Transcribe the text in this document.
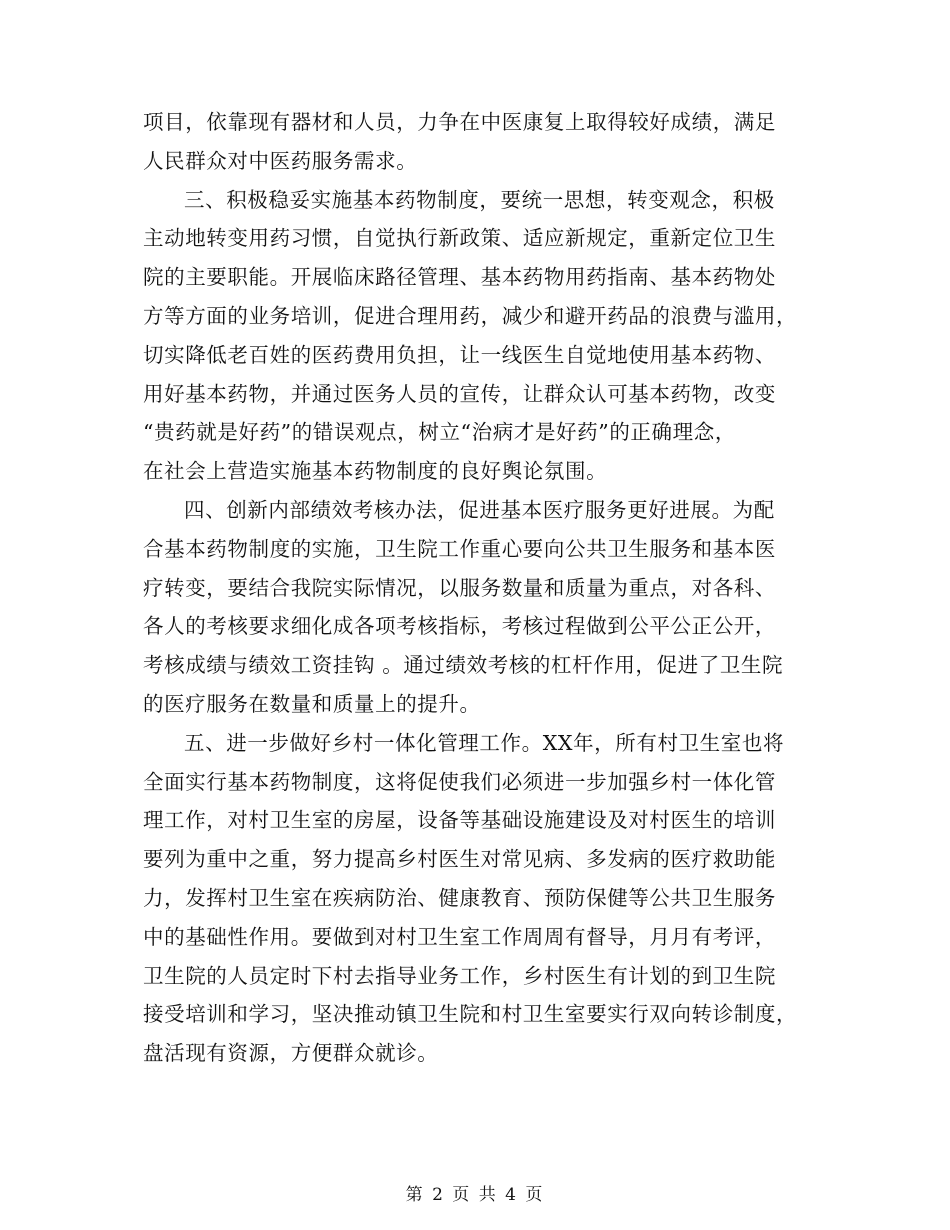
项目，依靠现有器材和人员，力争在中医康复上取得较好成绩，满足
人民群众对中医药服务需求。
三、积极稳妥实施基本药物制度，要统一思想，转变观念，积极
主动地转变用药习惯，自觉执行新政策、适应新规定，重新定位卫生
院的主要职能。开展临床路径管理、基本药物用药指南、基本药物处
方等方面的业务培训，促进合理用药，减少和避开药品的浪费与滥用，
切实降低老百姓的医药费用负担，让一线医生自觉地使用基本药物、
用好基本药物，并通过医务人员的宣传，让群众认可基本药物，改变
“贵药就是好药”的错误观点，树立“治病才是好药”的正确理念，
在社会上营造实施基本药物制度的良好舆论氛围。
四、创新内部绩效考核办法，促进基本医疗服务更好进展。为配
合基本药物制度的实施，卫生院工作重心要向公共卫生服务和基本医
疗转变，要结合我院实际情况，以服务数量和质量为重点，对各科、
各人的考核要求细化成各项考核指标，考核过程做到公平公正公开，
考核成绩与绩效工资挂钩 。通过绩效考核的杠杆作用，促进了卫生院
的医疗服务在数量和质量上的提升。
五、进一步做好乡村一体化管理工作。XX年，所有村卫生室也将
全面实行基本药物制度，这将促使我们必须进一步加强乡村一体化管
理工作，对村卫生室的房屋，设备等基础设施建设及对村医生的培训
要列为重中之重，努力提高乡村医生对常见病、多发病的医疗救助能
力，发挥村卫生室在疾病防治、健康教育、预防保健等公共卫生服务
中的基础性作用。要做到对村卫生室工作周周有督导，月月有考评，
卫生院的人员定时下村去指导业务工作，乡村医生有计划的到卫生院
接受培训和学习，坚决推动镇卫生院和村卫生室要实行双向转诊制度，
盘活现有资源，方便群众就诊。
第 2 页 共 4 页
